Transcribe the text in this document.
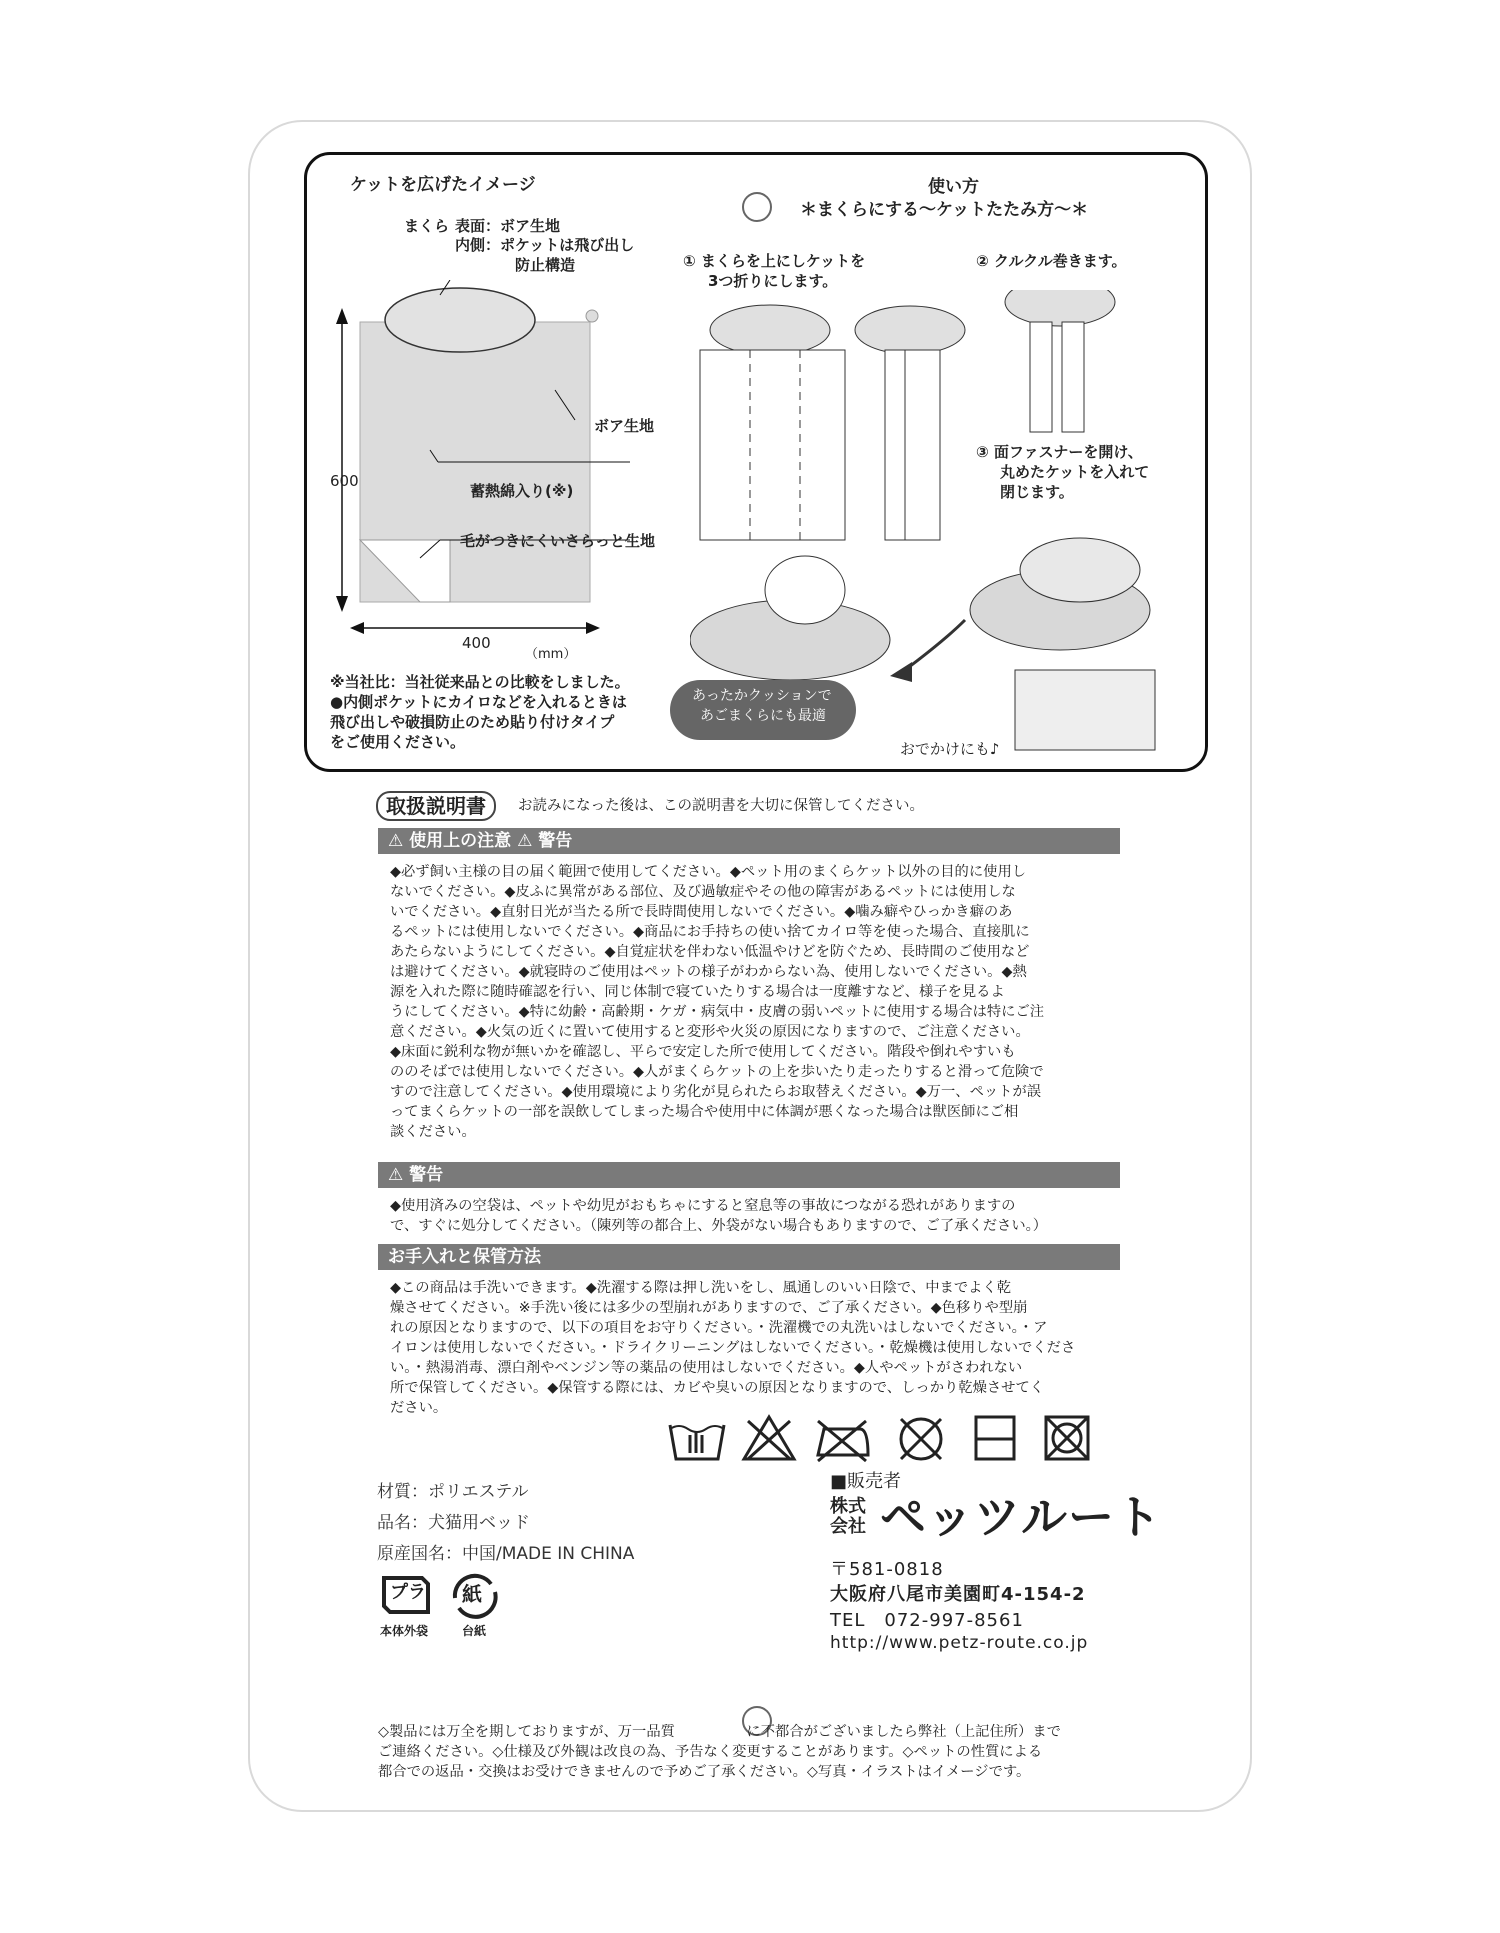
ケットを広げたイメージ
まくら 表面：ボア生地
内側：ポケットは飛び出し
防止構造
ボア生地
蓄熱綿入り(※)
毛がつきにくいさらっと生地
600
400
（mm）
※当社比：当社従来品との比較をしました。
●内側ポケットにカイロなどを入れるときは
飛び出しや破損防止のため貼り付けタイプ
をご使用ください。
使い方
＊まくらにする～ケットたたみ方～＊
① まくらを上にしケットを
3つ折りにします。
② クルクル巻きます。
③ 面ファスナーを開け、
丸めたケットを入れて
閉じます。
あったかクッションで
あごまくらにも最適
おでかけにも♪
取扱説明書	お読みになった後は、この説明書を大切に保管してください。
⚠ 使用上の注意 ⚠ 警告

◆必ず飼い主様の目の届く範囲で使用してください。◆ペット用のまくらケット以外の目的に使用し

ないでください。◆皮ふに異常がある部位、及び過敏症やその他の障害があるペットには使用しな

いでください。◆直射日光が当たる所で長時間使用しないでください。◆噛み癖やひっかき癖のあ

るペットには使用しないでください。◆商品にお手持ちの使い捨てカイロ等を使った場合、直接肌に

あたらないようにしてください。◆自覚症状を伴わない低温やけどを防ぐため、長時間のご使用など

は避けてください。◆就寝時のご使用はペットの様子がわからない為、使用しないでください。◆熱

源を入れた際に随時確認を行い、同じ体制で寝ていたりする場合は一度離すなど、様子を見るよ

うにしてください。◆特に幼齢・高齢期・ケガ・病気中・皮膚の弱いペットに使用する場合は特にご注

意ください。◆火気の近くに置いて使用すると変形や火災の原因になりますので、ご注意ください。

◆床面に鋭利な物が無いかを確認し、平らで安定した所で使用してください。階段や倒れやすいも

ののそばでは使用しないでください。◆人がまくらケットの上を歩いたり走ったりすると滑って危険で

すので注意してください。◆使用環境により劣化が見られたらお取替えください。◆万一、ペットが誤

ってまくらケットの一部を誤飲してしまった場合や使用中に体調が悪くなった場合は獣医師にご相

談ください。

⚠ 警告

◆使用済みの空袋は、ペットや幼児がおもちゃにすると窒息等の事故につながる恐れがありますの

で、すぐに処分してください。（陳列等の都合上、外袋がない場合もありますので、ご了承ください。）

お手入れと保管方法

◆この商品は手洗いできます。◆洗濯する際は押し洗いをし、風通しのいい日陰で、中までよく乾

燥させてください。※手洗い後には多少の型崩れがありますので、ご了承ください。◆色移りや型崩

れの原因となりますので、以下の項目をお守りください。・洗濯機での丸洗いはしないでください。・ア

イロンは使用しないでください。・ドライクリーニングはしないでください。・乾燥機は使用しないでくださ

い。・熱湯消毒、漂白剤やベンジン等の薬品の使用はしないでください。◆人やペットがさわれない

所で保管してください。◆保管する際には、カビや臭いの原因となりますので、しっかり乾燥させてく

ださい。

材質：ポリエステル
品名：犬猫用ベッド
原産国名：中国/MADE IN CHINA
プラ
本体外袋
紙
台紙
■販売者
株式会社 ペッツルート
〒581-0818
大阪府八尾市美園町4-154-2
TEL　072-997-8561
http://www.petz-route.co.jp

◇製品には万全を期しておりますが、万一品質　　　　　に不都合がございましたら弊社（上記住所）まで

ご連絡ください。◇仕様及び外観は改良の為、予告なく変更することがあります。◇ペットの性質による

都合での返品・交換はお受けできませんので予めご了承ください。◇写真・イラストはイメージです。
